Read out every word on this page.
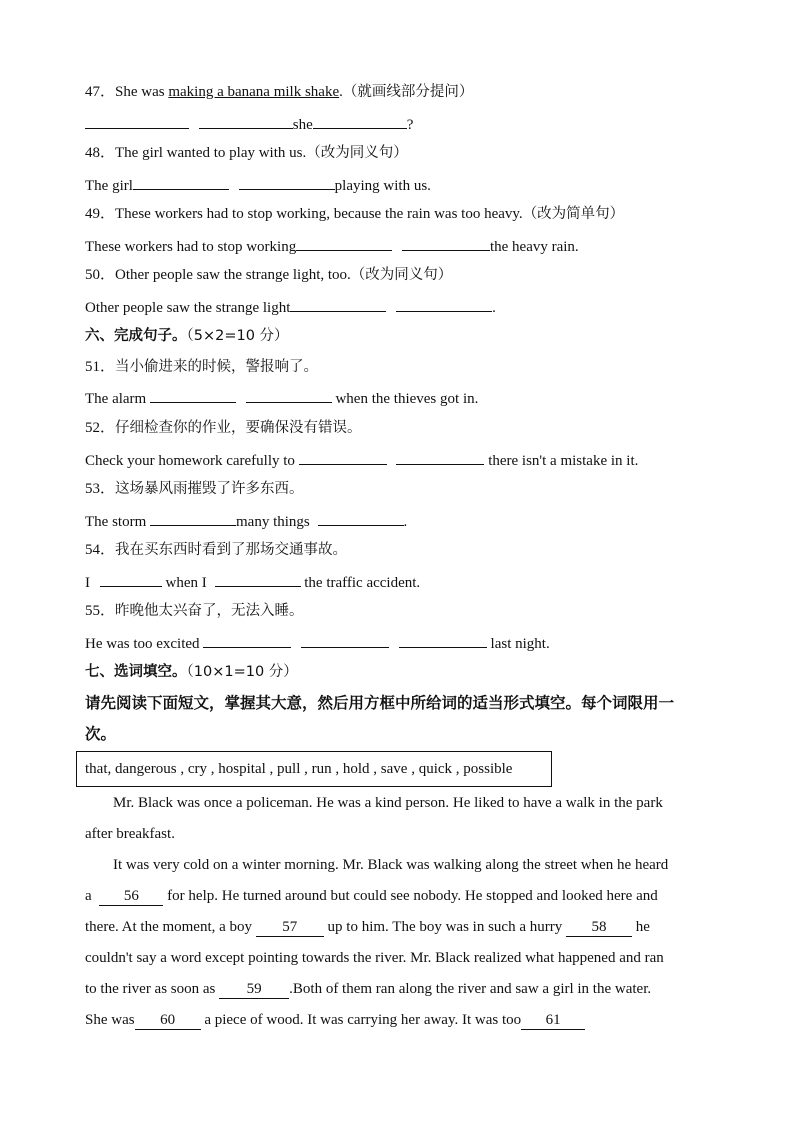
47．She was making a banana milk shake.（就画线部分提问）
she	?
48．The girl wanted to play with us.（改为同义句）
The girl	playing with us.
49．These workers had to stop working, because the rain was too heavy.（改为简单句）
These workers had to stop working	the heavy rain.
50．Other people saw the strange light, too.（改为同义句）
Other people saw the strange light	.
六、完成句子。（5×2=10 分）
51．当小偷进来的时候，警报响了。
The alarm	when the thieves got in.
52．仔细检查你的作业，要确保没有错误。
Check your homework carefully to	there isn't a mistake in it.
53．这场暴风雨摧毁了许多东西。
The storm	many things	.
54．我在买东西时看到了那场交通事故。
I	when I	the traffic accident.
55．昨晚他太兴奋了，无法入睡。
He was too excited	last night.
七、选词填空。（10×1=10 分）
请先阅读下面短文，掌握其大意，然后用方框中所给词的适当形式填空。每个词限用一
次。
that, dangerous , cry , hospital , pull , run , hold , save , quick , possible
Mr. Black was once a policeman. He was a kind person. He liked to have a walk in the park
after breakfast.
It was very cold on a winter morning. Mr. Black was walking along the street when he heard
a 56 for help. He turned around but could see nobody. He stopped and looked here and
there. At the moment, a boy 57 up to him. The boy was in such a hurry 58 he
couldn't say a word except pointing towards the river. Mr. Black realized what happened and ran
to the river as soon as 59 .Both of them ran along the river and saw a girl in the water.
She was 60 a piece of wood. It was carrying her away. It was too 61
